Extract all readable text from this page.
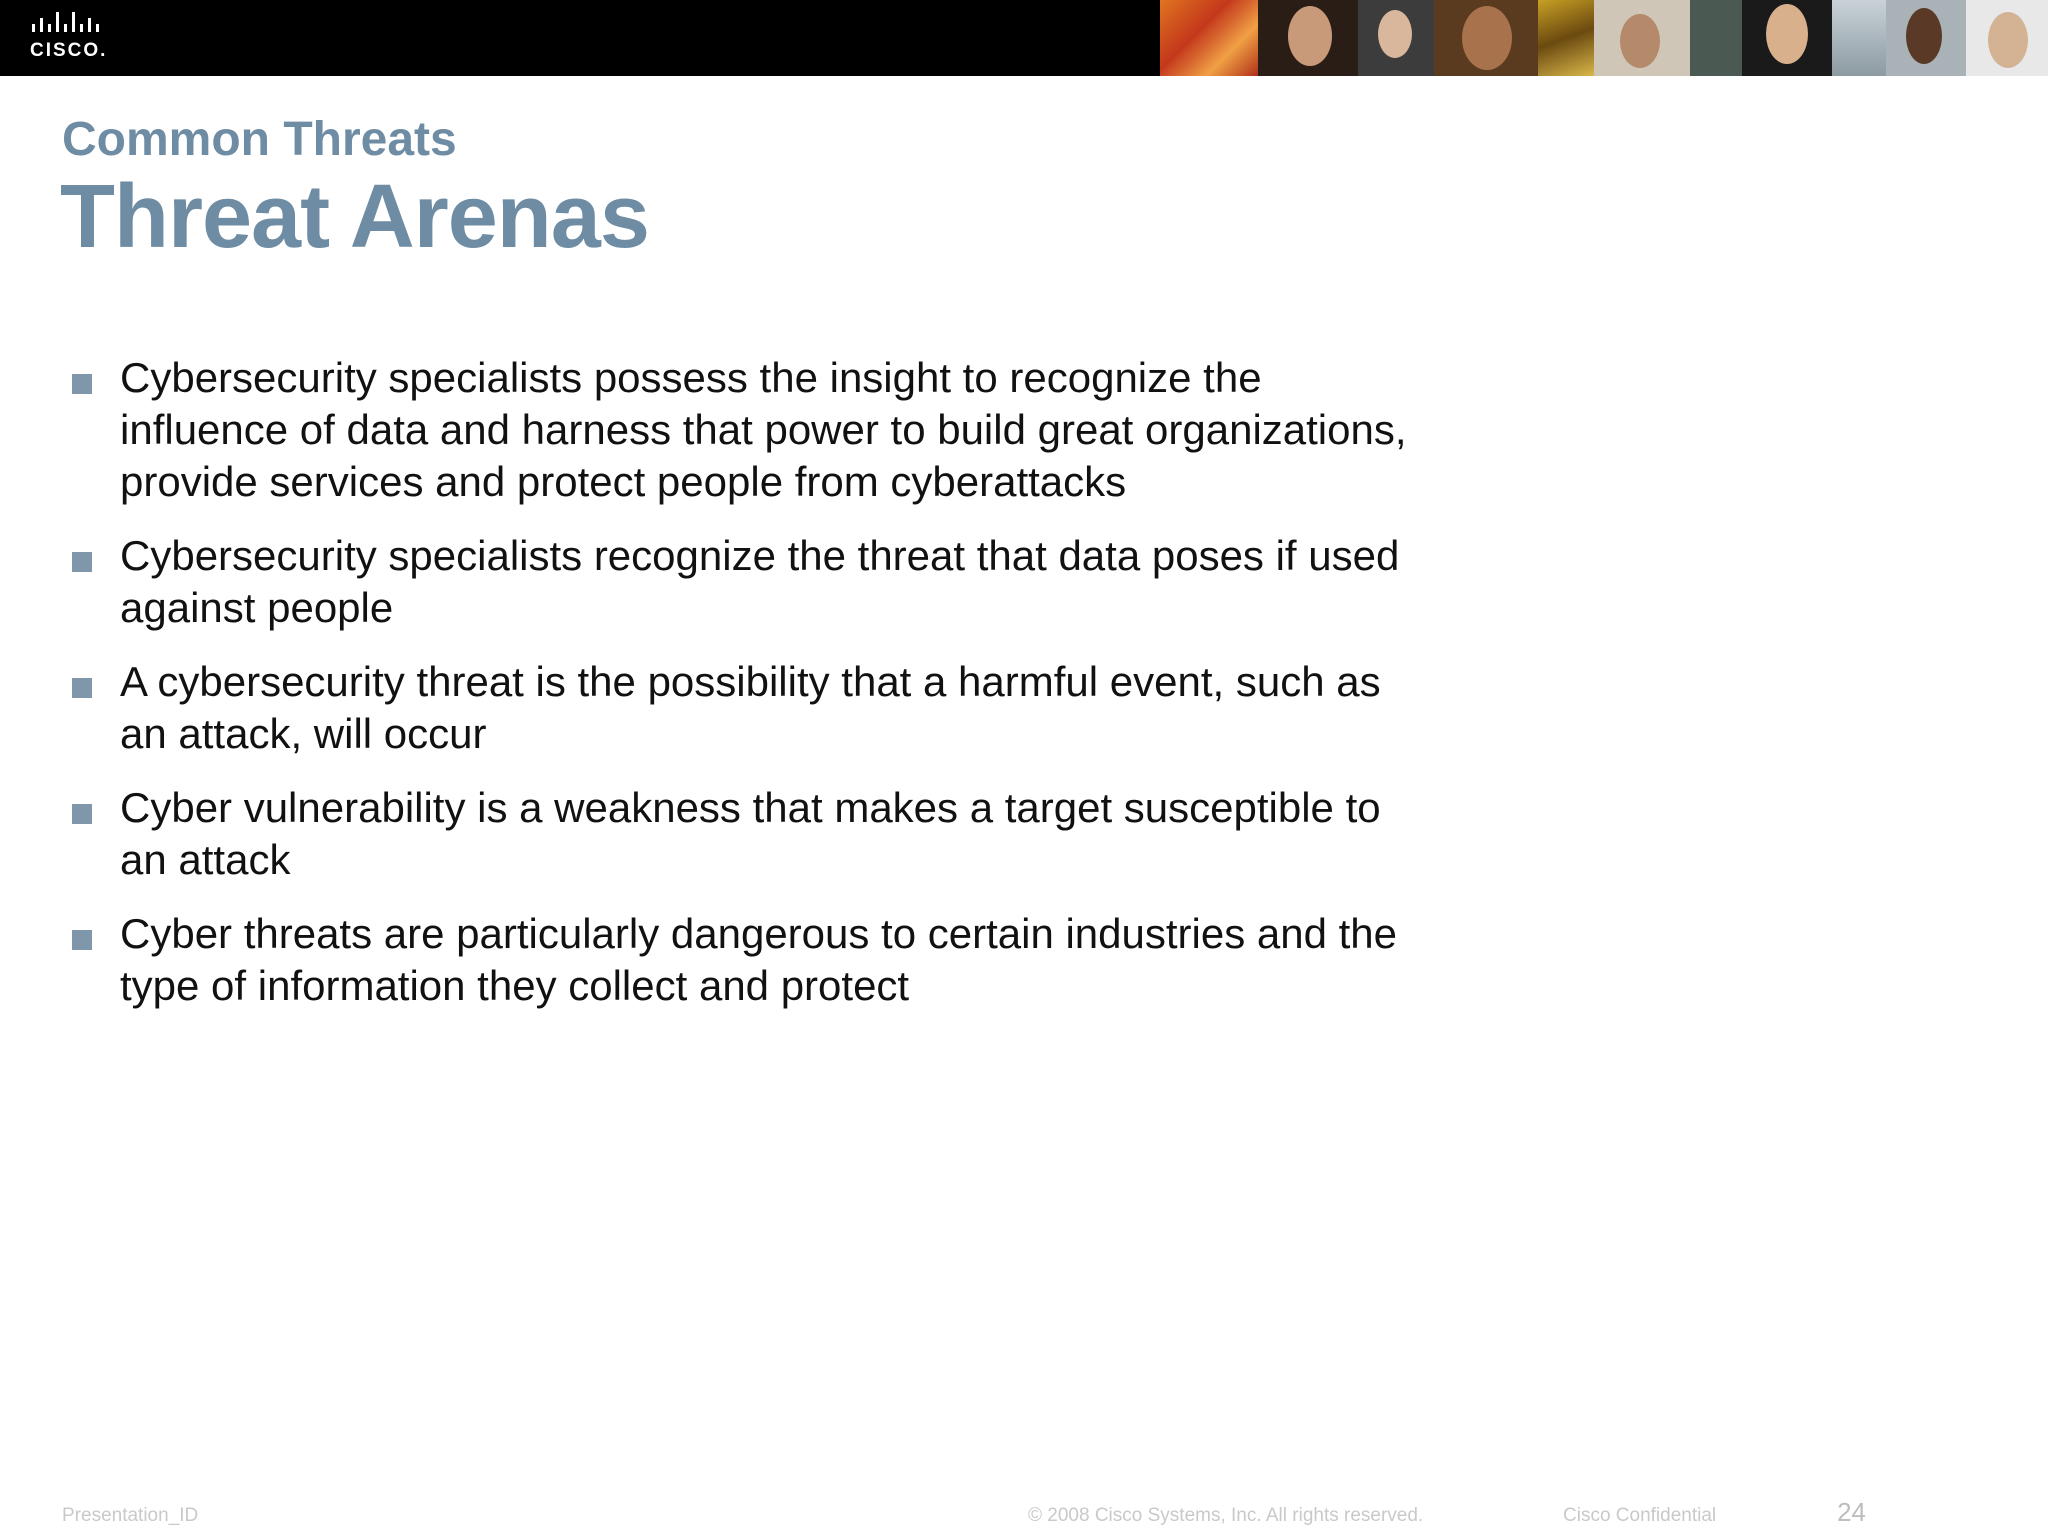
CISCO.
Common Threats
Threat Arenas
Cybersecurity specialists possess the insight to recognize the influence of data and harness that power to build great organizations, provide services and protect people from cyberattacks
Cybersecurity specialists recognize the threat that data poses if used against people
A cybersecurity threat is the possibility that a harmful event, such as an attack, will occur
Cyber vulnerability is a weakness that makes a target susceptible to an attack
Cyber threats are particularly dangerous to certain industries and the type of information they collect and protect
Presentation_ID	© 2008 Cisco Systems, Inc. All rights reserved.	Cisco Confidential	24
